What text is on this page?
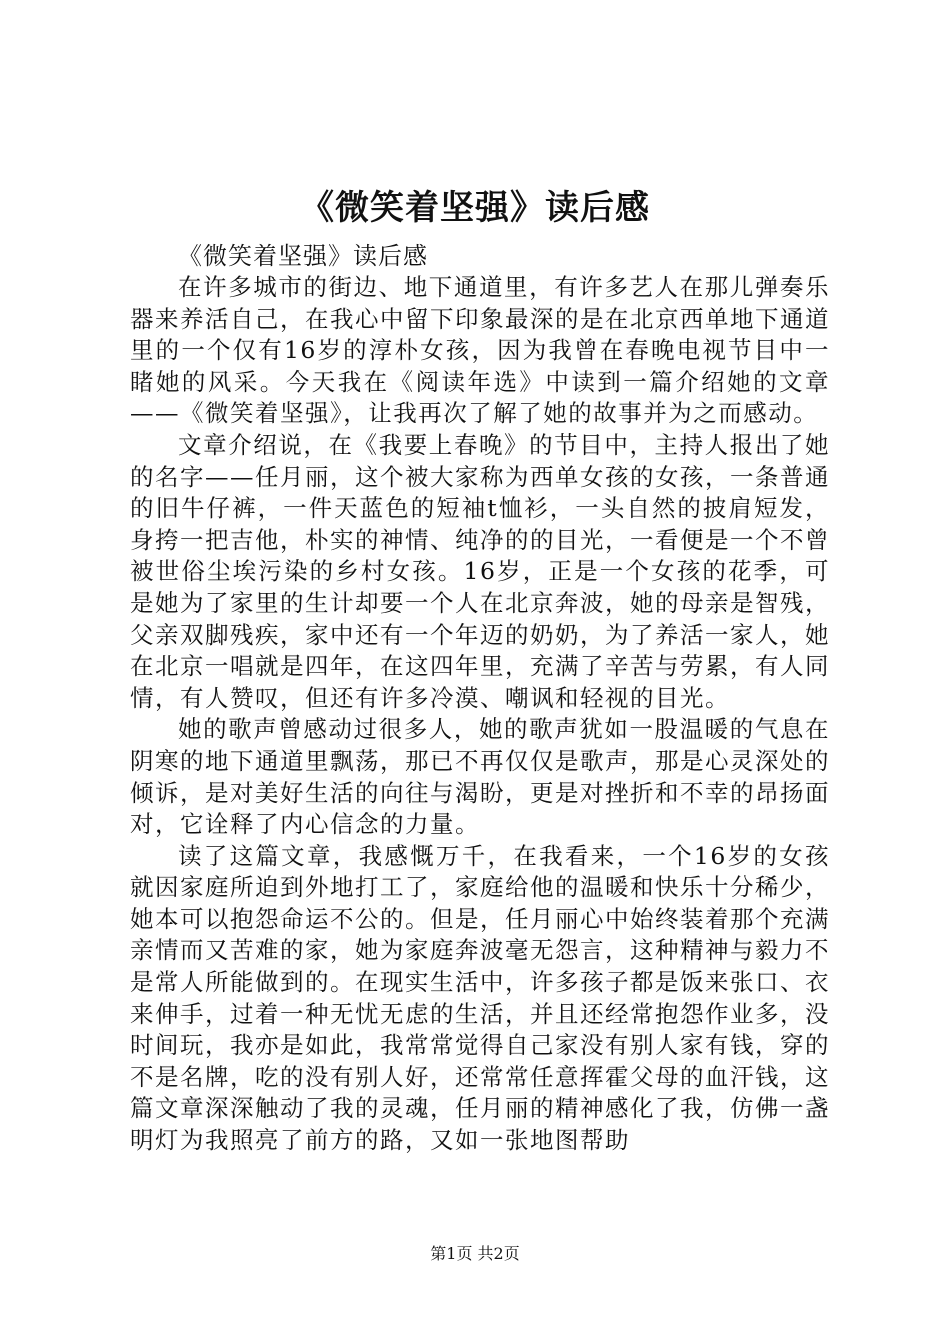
《微笑着坚强》读后感
《微笑着坚强》读后感

在许多城市的街边、地下通道里，有许多艺人在那儿弹奏乐器来养活自己，在我心中留下印象最深的是在北京西单地下通道里的一个仅有16岁的淳朴女孩，因为我曾在春晚电视节目中一睹她的风采。今天我在《阅读年选》中读到一篇介绍她的文章——《微笑着坚强》，让我再次了解了她的故事并为之而感动。

文章介绍说，在《我要上春晚》的节目中，主持人报出了她的名字——任月丽，这个被大家称为西单女孩的女孩，一条普通的旧牛仔裤，一件天蓝色的短袖t恤衫，一头自然的披肩短发，身挎一把吉他，朴实的神情、纯净的的目光，一看便是一个不曾被世俗尘埃污染的乡村女孩。16岁，正是一个女孩的花季，可是她为了家里的生计却要一个人在北京奔波，她的母亲是智残，父亲双脚残疾，家中还有一个年迈的奶奶，为了养活一家人，她在北京一唱就是四年，在这四年里，充满了辛苦与劳累，有人同情，有人赞叹，但还有许多冷漠、嘲讽和轻视的目光。

她的歌声曾感动过很多人，她的歌声犹如一股温暖的气息在阴寒的地下通道里飘荡，那已不再仅仅是歌声，那是心灵深处的倾诉，是对美好生活的向往与渴盼，更是对挫折和不幸的昂扬面对，它诠释了内心信念的力量。

读了这篇文章，我感慨万千，在我看来，一个16岁的女孩就因家庭所迫到外地打工了，家庭给他的温暖和快乐十分稀少，她本可以抱怨命运不公的。但是，任月丽心中始终装着那个充满亲情而又苦难的家，她为家庭奔波毫无怨言，这种精神与毅力不是常人所能做到的。在现实生活中，许多孩子都是饭来张口、衣来伸手，过着一种无忧无虑的生活，并且还经常抱怨作业多，没时间玩，我亦是如此，我常常觉得自己家没有别人家有钱，穿的不是名牌，吃的没有别人好，还常常任意挥霍父母的血汗钱，这篇文章深深触动了我的灵魂，任月丽的精神感化了我，仿佛一盏明灯为我照亮了前方的路，又如一张地图帮助

第1页 共2页
